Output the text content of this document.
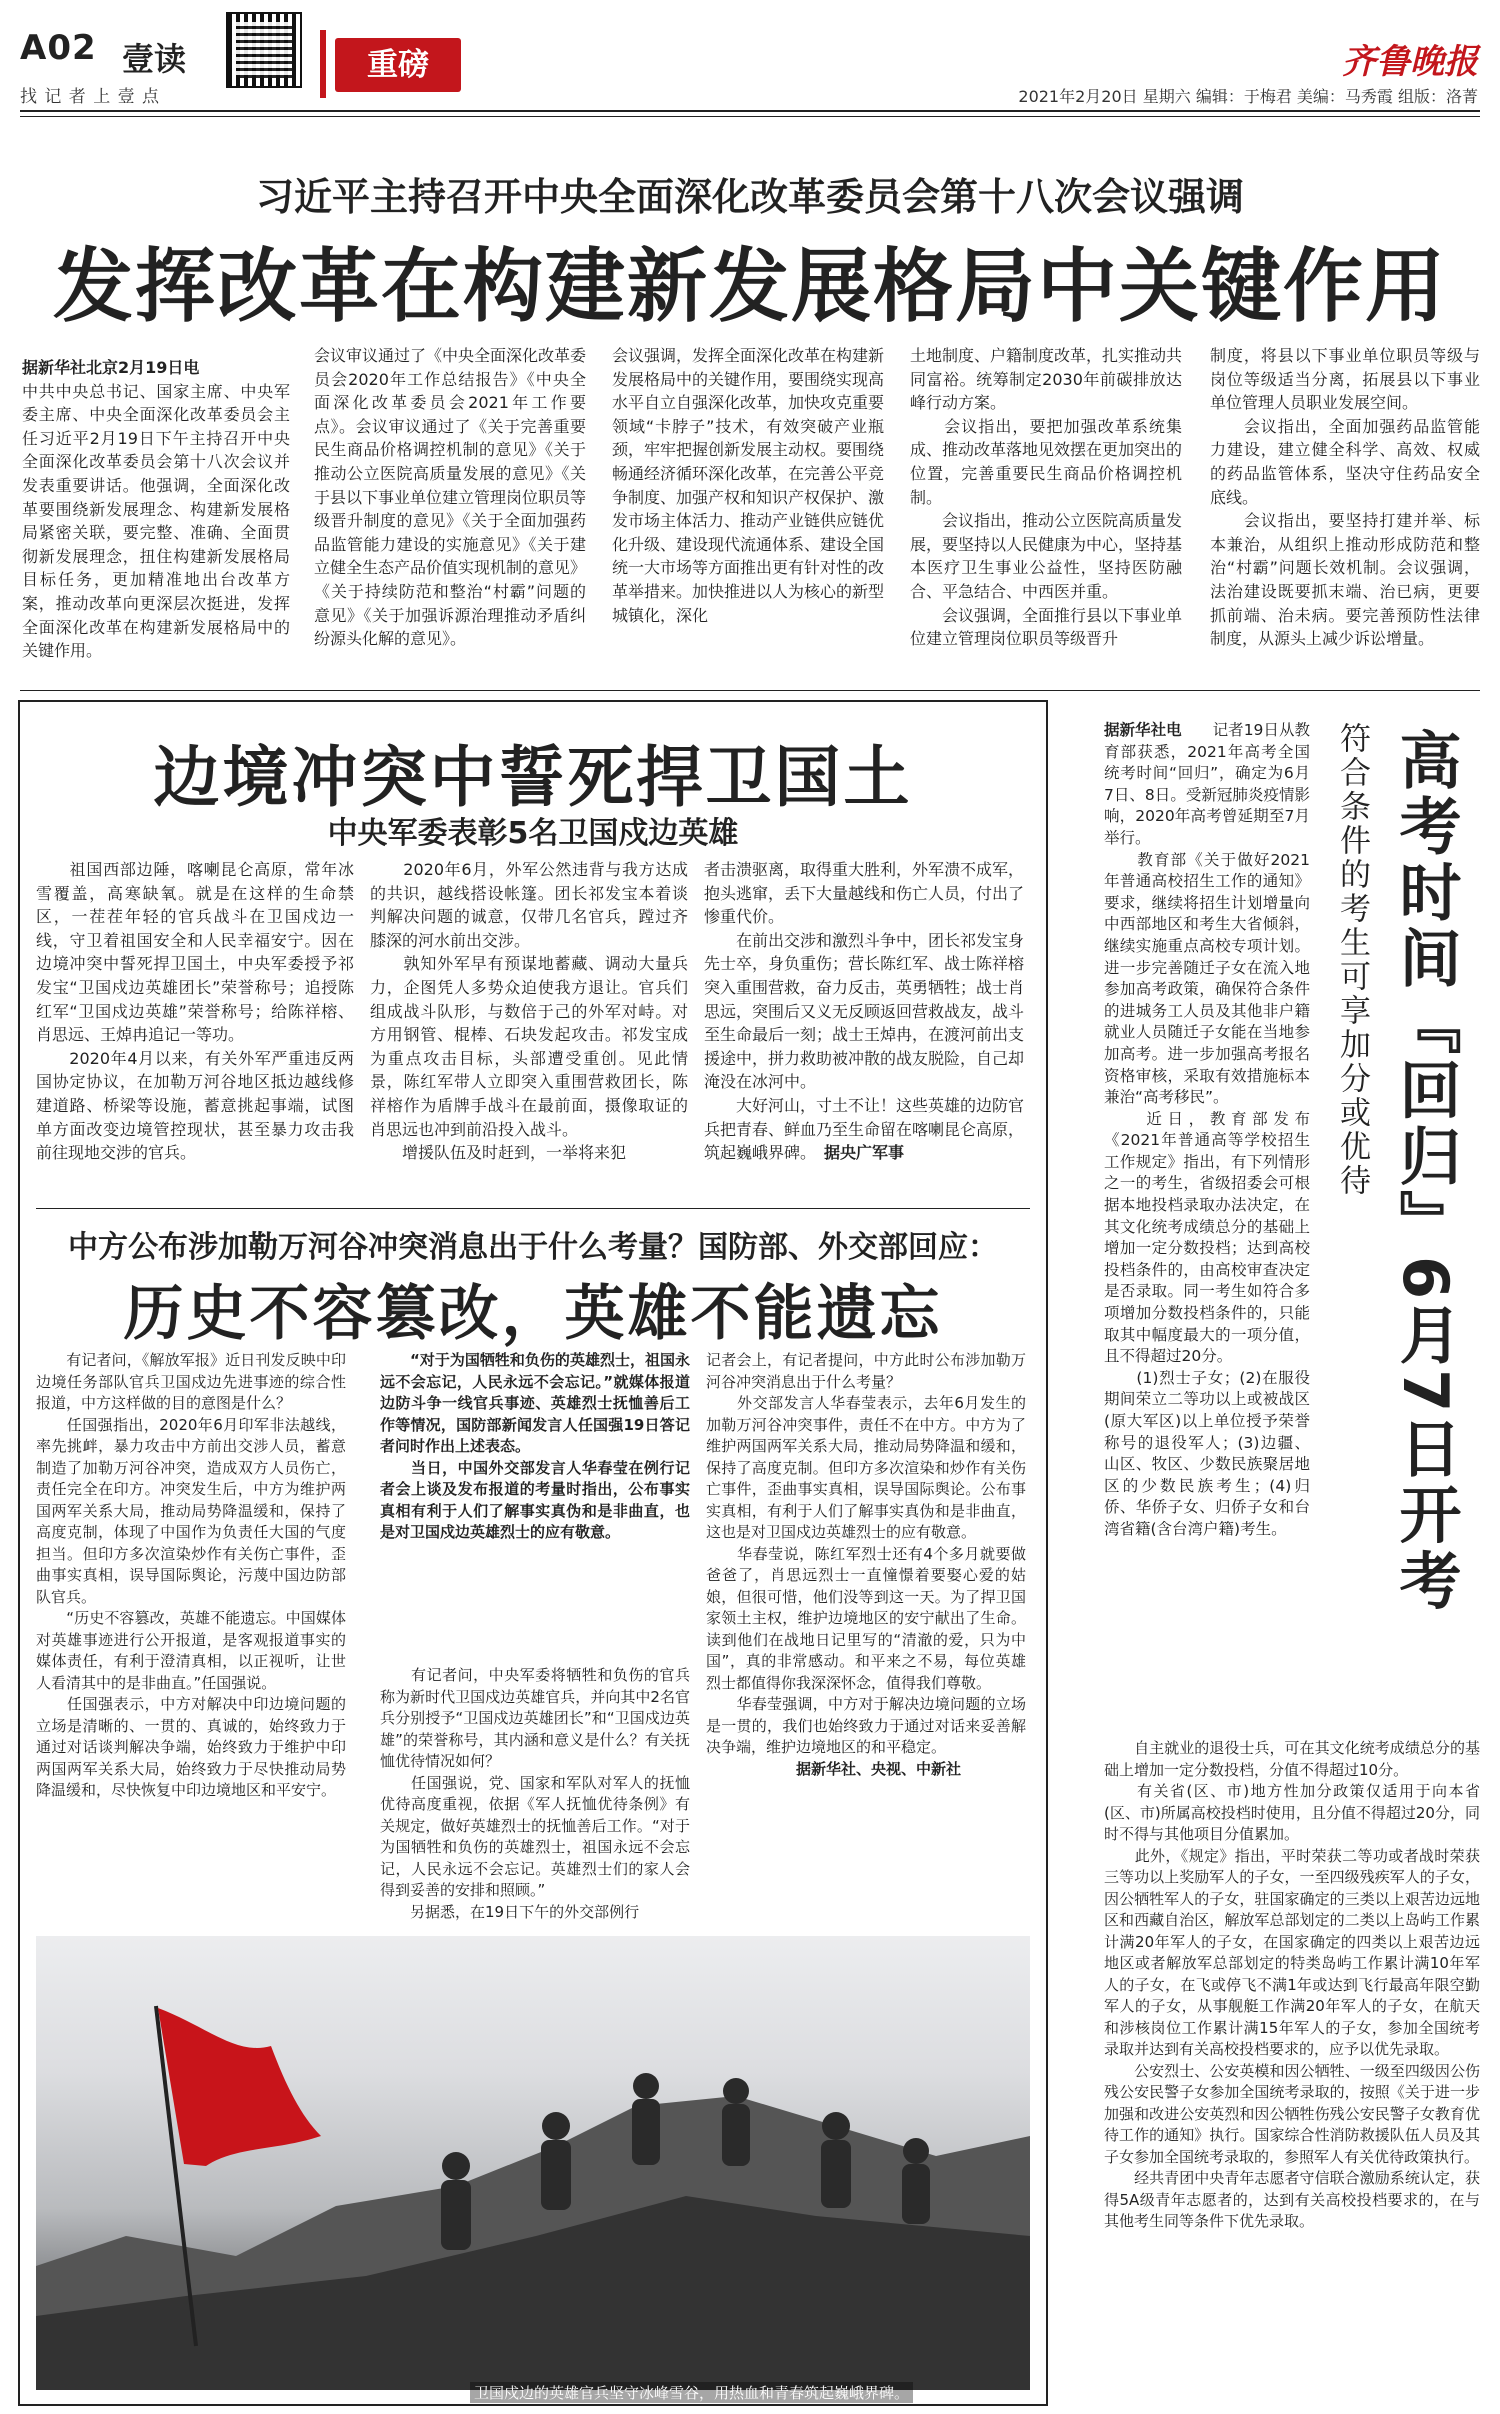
A02 壹读
找 记 者 上 壹 点
重磅	齐鲁晚报
2021年2月20日 星期六 编辑：于梅君 美编：马秀霞 组版：洛菁
习近平主持召开中央全面深化改革委员会第十八次会议强调
发挥改革在构建新发展格局中关键作用
据新华社北京2月19日电
中共中央总书记、国家主席、中央军委主席、中央全面深化改革委员会主任习近平2月19日下午主持召开中央全面深化改革委员会第十八次会议并发表重要讲话。他强调，全面深化改革要围绕新发展理念、构建新发展格局紧密关联，要完整、准确、全面贯彻新发展理念，扭住构建新发展格局目标任务，更加精准地出台改革方案，推动改革向更深层次挺进，发挥全面深化改革在构建新发展格局中的关键作用。
会议审议通过了《中央全面深化改革委员会2020年工作总结报告》《中央全面深化改革委员会2021年工作要点》。会议审议通过了《关于完善重要民生商品价格调控机制的意见》《关于推动公立医院高质量发展的意见》《关于县以下事业单位建立管理岗位职员等级晋升制度的意见》《关于全面加强药品监管能力建设的实施意见》《关于建立健全生态产品价值实现机制的意见》《关于持续防范和整治“村霸”问题的意见》《关于加强诉源治理推动矛盾纠纷源头化解的意见》。
会议强调，发挥全面深化改革在构建新发展格局中的关键作用，要围绕实现高水平自立自强深化改革，加快攻克重要领域“卡脖子”技术，有效突破产业瓶颈，牢牢把握创新发展主动权。要围绕畅通经济循环深化改革，在完善公平竞争制度、加强产权和知识产权保护、激发市场主体活力、推动产业链供应链优化升级、建设现代流通体系、建设全国统一大市场等方面推出更有针对性的改革举措来。加快推进以人为核心的新型城镇化，深化
土地制度、户籍制度改革，扎实推动共同富裕。统筹制定2030年前碳排放达峰行动方案。
　　会议指出，要把加强改革系统集成、推动改革落地见效摆在更加突出的位置，完善重要民生商品价格调控机制。
　　会议指出，推动公立医院高质量发展，要坚持以人民健康为中心，坚持基本医疗卫生事业公益性，坚持医防融合、平急结合、中西医并重。
　　会议强调，全面推行县以下事业单位建立管理岗位职员等级晋升
制度，将县以下事业单位职员等级与岗位等级适当分离，拓展县以下事业单位管理人员职业发展空间。
　　会议指出，全面加强药品监管能力建设，建立健全科学、高效、权威的药品监管体系，坚决守住药品安全底线。
　　会议指出，要坚持打建并举、标本兼治，从组织上推动形成防范和整治“村霸”问题长效机制。会议强调，法治建设既要抓末端、治已病，更要抓前端、治未病。要完善预防性法律制度，从源头上减少诉讼增量。
边境冲突中誓死捍卫国土
中央军委表彰5名卫国戍边英雄
　　祖国西部边陲，喀喇昆仑高原，常年冰雪覆盖，高寒缺氧。就是在这样的生命禁区，一茬茬年轻的官兵战斗在卫国戍边一线，守卫着祖国安全和人民幸福安宁。因在边境冲突中誓死捍卫国土，中央军委授予祁发宝“卫国戍边英雄团长”荣誉称号；追授陈红军“卫国戍边英雄”荣誉称号；给陈祥榕、肖思远、王焯冉追记一等功。
　　2020年4月以来，有关外军严重违反两国协定协议，在加勒万河谷地区抵边越线修建道路、桥梁等设施，蓄意挑起事端，试图单方面改变边境管控现状，甚至暴力攻击我前往现地交涉的官兵。
　　2020年6月，外军公然违背与我方达成的共识，越线搭设帐篷。团长祁发宝本着谈判解决问题的诚意，仅带几名官兵，蹚过齐膝深的河水前出交涉。
　　孰知外军早有预谋地蓄藏、调动大量兵力，企图凭人多势众迫使我方退让。官兵们组成战斗队形，与数倍于己的外军对峙。对方用钢管、棍棒、石块发起攻击。祁发宝成为重点攻击目标，头部遭受重创。见此情景，陈红军带人立即突入重围营救团长，陈祥榕作为盾牌手战斗在最前面，摄像取证的肖思远也冲到前沿投入战斗。
　　增援队伍及时赶到，一举将来犯
者击溃驱离，取得重大胜利，外军溃不成军，抱头逃窜，丢下大量越线和伤亡人员，付出了惨重代价。
　　在前出交涉和激烈斗争中，团长祁发宝身先士卒，身负重伤；营长陈红军、战士陈祥榕突入重围营救，奋力反击，英勇牺牲；战士肖思远，突围后又义无反顾返回营救战友，战斗至生命最后一刻；战士王焯冉，在渡河前出支援途中，拼力救助被冲散的战友脱险，自己却淹没在冰河中。
　　大好河山，寸土不让！这些英雄的边防官兵把青春、鲜血乃至生命留在喀喇昆仑高原，筑起巍峨界碑。　 据央广军事
中方公布涉加勒万河谷冲突消息出于什么考量？国防部、外交部回应：
历史不容篡改，英雄不能遗忘
　　有记者问，《解放军报》近日刊发反映中印边境任务部队官兵卫国戍边先进事迹的综合性报道，中方这样做的目的意图是什么？
　　任国强指出，2020年6月印军非法越线，率先挑衅，暴力攻击中方前出交涉人员，蓄意制造了加勒万河谷冲突，造成双方人员伤亡，责任完全在印方。冲突发生后，中方为维护两国两军关系大局，推动局势降温缓和，保持了高度克制，体现了中国作为负责任大国的气度担当。但印方多次渲染炒作有关伤亡事件，歪曲事实真相，误导国际舆论，污蔑中国边防部队官兵。
　　“历史不容篡改，英雄不能遗忘。中国媒体对英雄事迹进行公开报道，是客观报道事实的媒体责任，有利于澄清真相，以正视听，让世人看清其中的是非曲直。”任国强说。
　　任国强表示，中方对解决中印边境问题的立场是清晰的、一贯的、真诚的，始终致力于通过对话谈判解决争端，始终致力于维护中印两国两军关系大局，始终致力于尽快推动局势降温缓和，尽快恢复中印边境地区和平安宁。
　　“对于为国牺牲和负伤的英雄烈士，祖国永远不会忘记，人民永远不会忘记。”就媒体报道边防斗争一线官兵事迹、英雄烈士抚恤善后工作等情况，国防部新闻发言人任国强19日答记者问时作出上述表态。
　　当日，中国外交部发言人华春莹在例行记者会上谈及发布报道的考量时指出，公布事实真相有利于人们了解事实真伪和是非曲直，也是对卫国戍边英雄烈士的应有敬意。
　　有记者问，中央军委将牺牲和负伤的官兵称为新时代卫国戍边英雄官兵，并向其中2名官兵分别授予“卫国戍边英雄团长”和“卫国戍边英雄”的荣誉称号，其内涵和意义是什么？有关抚恤优待情况如何？
　　任国强说，党、国家和军队对军人的抚恤优待高度重视，依据《军人抚恤优待条例》有关规定，做好英雄烈士的抚恤善后工作。“对于为国牺牲和负伤的英雄烈士，祖国永远不会忘记，人民永远不会忘记。英雄烈士们的家人会得到妥善的安排和照顾。”
　　另据悉，在19日下午的外交部例行
记者会上，有记者提问，中方此时公布涉加勒万河谷冲突消息出于什么考量？
　　外交部发言人华春莹表示，去年6月发生的加勒万河谷冲突事件，责任不在中方。中方为了维护两国两军关系大局，推动局势降温和缓和，保持了高度克制。但印方多次渲染和炒作有关伤亡事件，歪曲事实真相，误导国际舆论。公布事实真相，有利于人们了解事实真伪和是非曲直，这也是对卫国戍边英雄烈士的应有敬意。
　　华春莹说，陈红军烈士还有4个多月就要做爸爸了，肖思远烈士一直憧憬着要娶心爱的姑娘，但很可惜，他们没等到这一天。为了捍卫国家领土主权，维护边境地区的安宁献出了生命。读到他们在战地日记里写的“清澈的爱，只为中国”，真的非常感动。和平来之不易，每位英雄烈士都值得你我深深怀念，值得我们尊敬。
　　华春莹强调，中方对于解决边境问题的立场是一贯的，我们也始终致力于通过对话来妥善解决争端，维护边境地区的和平稳定。
据新华社、央视、中新社
卫国戍边的英雄官兵坚守冰峰雪谷，用热血和青春筑起巍峨界碑。
高考时间『回归』6月7日开考
符合条件的考生可享加分或优待
据新华社电　　记者19日从教育部获悉，2021年高考全国统考时间“回归”，确定为6月7日、8日。受新冠肺炎疫情影响，2020年高考曾延期至7月举行。
　　教育部《关于做好2021年普通高校招生工作的通知》要求，继续将招生计划增量向中西部地区和考生大省倾斜，继续实施重点高校专项计划。进一步完善随迁子女在流入地参加高考政策，确保符合条件的进城务工人员及其他非户籍就业人员随迁子女能在当地参加高考。进一步加强高考报名资格审核，采取有效措施标本兼治“高考移民”。
　　近日，教育部发布《2021年普通高等学校招生工作规定》指出，有下列情形之一的考生，省级招委会可根据本地投档录取办法决定，在其文化统考成绩总分的基础上增加一定分数投档；达到高校投档条件的，由高校审查决定是否录取。同一考生如符合多项增加分数投档条件的，只能取其中幅度最大的一项分值，且不得超过20分。
　　(1)烈士子女；(2)在服役期间荣立二等功以上或被战区(原大军区)以上单位授予荣誉称号的退役军人；(3)边疆、山区、牧区、少数民族聚居地区的少数民族考生；(4)归侨、华侨子女、归侨子女和台湾省籍(含台湾户籍)考生。
　　自主就业的退役士兵，可在其文化统考成绩总分的基础上增加一定分数投档，分值不得超过10分。
　　有关省(区、市)地方性加分政策仅适用于向本省(区、市)所属高校投档时使用，且分值不得超过20分，同时不得与其他项目分值累加。
　　此外，《规定》指出，平时荣获二等功或者战时荣获三等功以上奖励军人的子女，一至四级残疾军人的子女，因公牺牲军人的子女，驻国家确定的三类以上艰苦边远地区和西藏自治区，解放军总部划定的二类以上岛屿工作累计满20年军人的子女，在国家确定的四类以上艰苦边远地区或者解放军总部划定的特类岛屿工作累计满10年军人的子女，在飞或停飞不满1年或达到飞行最高年限空勤军人的子女，从事舰艇工作满20年军人的子女，在航天和涉核岗位工作累计满15年军人的子女，参加全国统考录取并达到有关高校投档要求的，应予以优先录取。
　　公安烈士、公安英模和因公牺牲、一级至四级因公伤残公安民警子女参加全国统考录取的，按照《关于进一步加强和改进公安英烈和因公牺牲伤残公安民警子女教育优待工作的通知》执行。国家综合性消防救援队伍人员及其子女参加全国统考录取的，参照军人有关优待政策执行。
　　经共青团中央青年志愿者守信联合激励系统认定，获得5A级青年志愿者的，达到有关高校投档要求的，在与其他考生同等条件下优先录取。
